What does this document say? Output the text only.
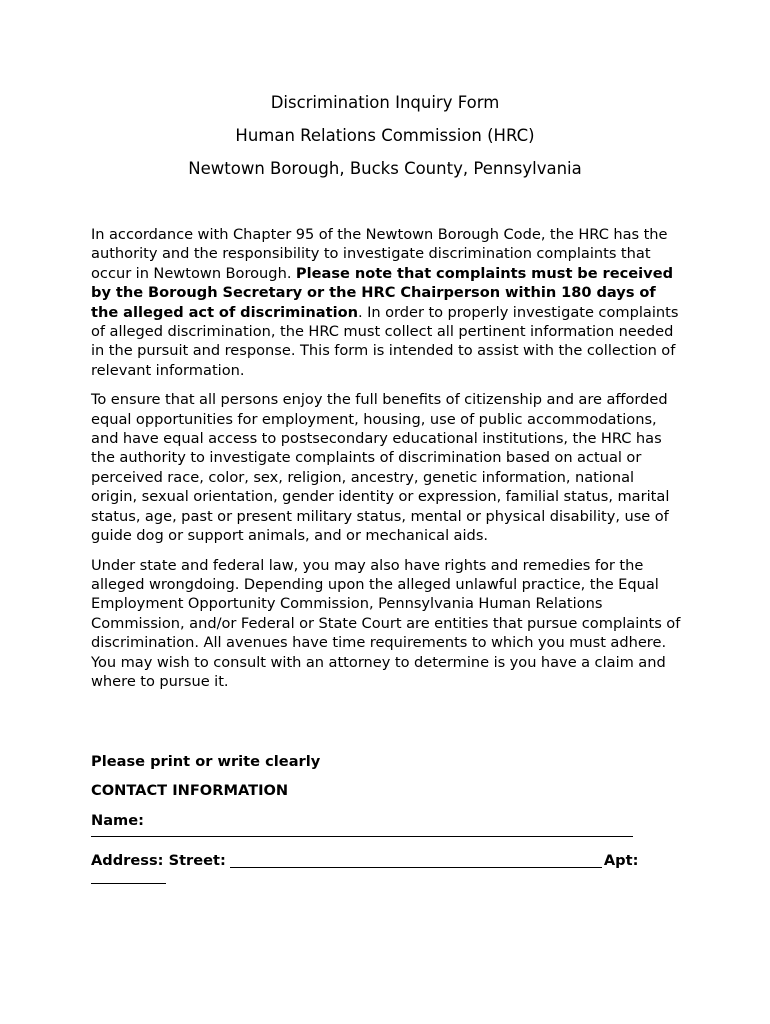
Discrimination Inquiry Form
Human Relations Commission (HRC)
Newtown Borough, Bucks County, Pennsylvania

In accordance with Chapter 95 of the Newtown Borough Code, the HRC has the authority and the responsibility to investigate discrimination complaints that occur in Newtown Borough. Please note that complaints must be received by the Borough Secretary or the HRC Chairperson within 180 days of the alleged act of discrimination. In order to properly investigate complaints of alleged discrimination, the HRC must collect all pertinent information needed in the pursuit and response. This form is intended to assist with the collection of relevant information.

To ensure that all persons enjoy the full benefits of citizenship and are afforded equal opportunities for employment, housing, use of public accommodations, and have equal access to postsecondary educational institutions, the HRC has the authority to investigate complaints of discrimination based on actual or perceived race, color, sex, religion, ancestry, genetic information, national origin, sexual orientation, gender identity or expression, familial status, marital status, age, past or present military status, mental or physical disability, use of guide dog or support animals, and or mechanical aids.

Under state and federal law, you may also have rights and remedies for the alleged wrongdoing. Depending upon the alleged unlawful practice, the Equal Employment Opportunity Commission, Pennsylvania Human Relations Commission, and/or Federal or State Court are entities that pursue complaints of discrimination. All avenues have time requirements to which you must adhere. You may wish to consult with an attorney to determine is you have a claim and where to pursue it.

Please print or write clearly
CONTACT INFORMATION
Name:
Address: Street:	Apt:
